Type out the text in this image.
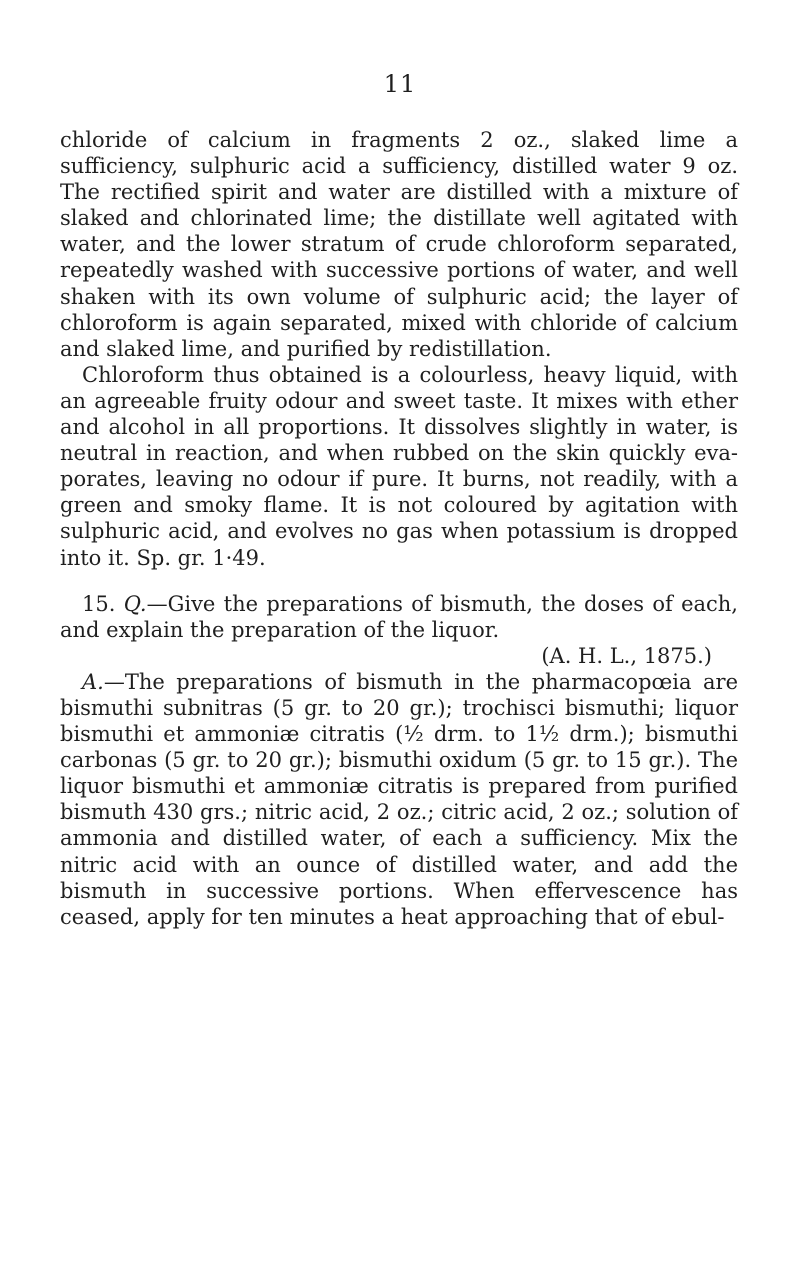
11

chloride of calcium in fragments 2 oz., slaked lime a sufficiency, sulphuric acid a sufficiency, distilled water 9 oz. The rectified spirit and water are distilled with a mixture of slaked and chlorinated lime; the distillate well agitated with water, and the lower stratum of crude chloroform separated, repeatedly washed with successive portions of water, and well shaken with its own volume of sulphuric acid; the layer of chloroform is again separated, mixed with chloride of calcium and slaked lime, and purified by redistillation.

Chloroform thus obtained is a colourless, heavy liquid, with an agreeable fruity odour and sweet taste. It mixes with ether and alcohol in all proportions. It dissolves slightly in water, is neutral in reaction, and when rubbed on the skin quickly evaporates, leaving no odour if pure. It burns, not readily, with a green and smoky flame. It is not coloured by agitation with sulphuric acid, and evolves no gas when potassium is dropped into it. Sp. gr. 1·49.

15. Q.—Give the preparations of bismuth, the doses of each, and explain the preparation of the liquor.
(A. H. L., 1875.)

A.—The preparations of bismuth in the pharmacopœia are bismuthi subnitras (5 gr. to 20 gr.); trochisci bismuthi; liquor bismuthi et ammoniæ citratis (½ drm. to 1½ drm.); bismuthi carbonas (5 gr. to 20 gr.); bismuthi oxidum (5 gr. to 15 gr.). The liquor bismuthi et ammoniæ citratis is prepared from purified bismuth 430 grs.; nitric acid, 2 oz.; citric acid, 2 oz.; solution of ammonia and distilled water, of each a sufficiency. Mix the nitric acid with an ounce of distilled water, and add the bismuth in successive portions. When effervescence has ceased, apply for ten minutes a heat approaching that of ebul-
